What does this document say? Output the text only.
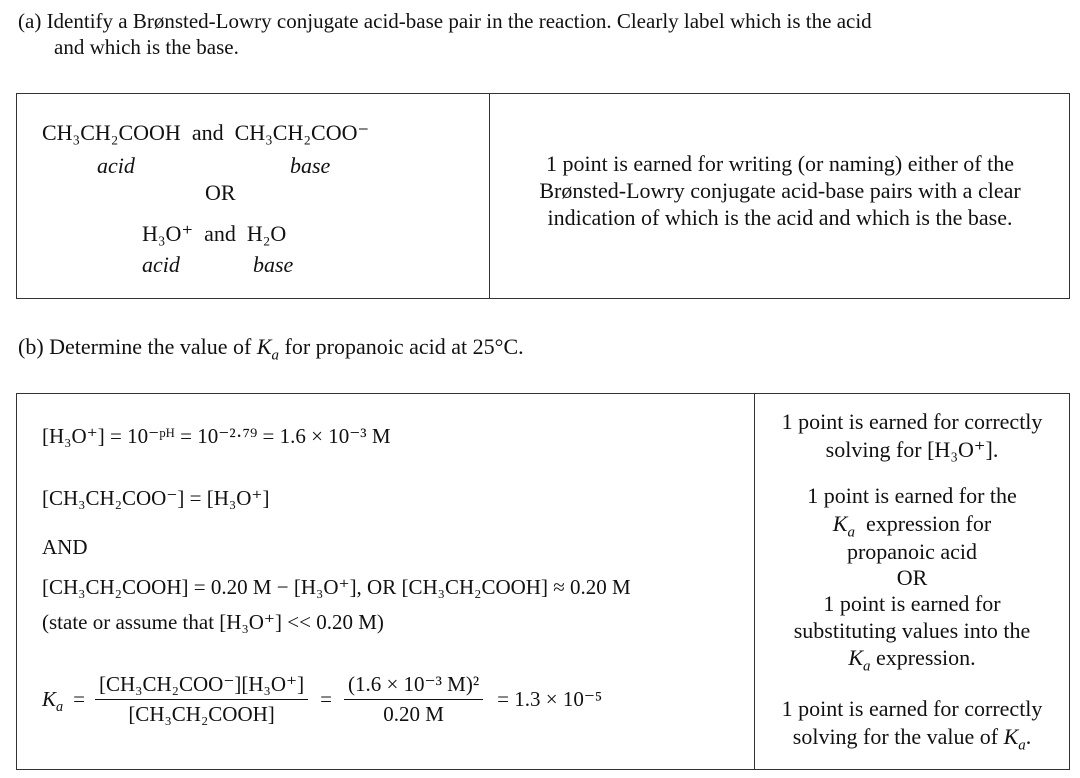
(a) Identify a Brønsted-Lowry conjugate acid-base pair in the reaction. Clearly label which is the acid
and which is the base.
CH₃CH₂COOH and CH₃CH₂COO⁻
acid	base
OR
H₃O⁺ and H₂O
acid	base
1 point is earned for writing (or naming) either of the
Brønsted-Lowry conjugate acid-base pairs with a clear
indication of which is the acid and which is the base.
(b) Determine the value of $K_a$ for propanoic acid at 25°C.
[H₃O⁺] = 10⁻ᵖᴴ = 10⁻²·⁷⁹ = 1.6 × 10⁻³ M
[CH₃CH₂COO⁻] = [H₃O⁺]
AND
[CH₃CH₂COOH] = 0.20 M − [H₃O⁺], OR [CH₃CH₂COOH] ≈ 0.20 M
(state or assume that [H₃O⁺] << 0.20 M)
$K_a = \frac{\text{[CH₃CH₂COO⁻][H₃O⁺]}}{\text{[CH₃CH₂COOH]}} = \frac{\text{(1.6 × 10⁻³ M)²}}{0.20 M} = 1.3 \times 10^{-5}$
1 point is earned for correctly
solving for [H₃O⁺].
1 point is earned for the
$K_a$ expression for
propanoic acid
OR
1 point is earned for
substituting values into the
$K_a$ expression.
1 point is earned for correctly
solving for the value of $K_a$.
